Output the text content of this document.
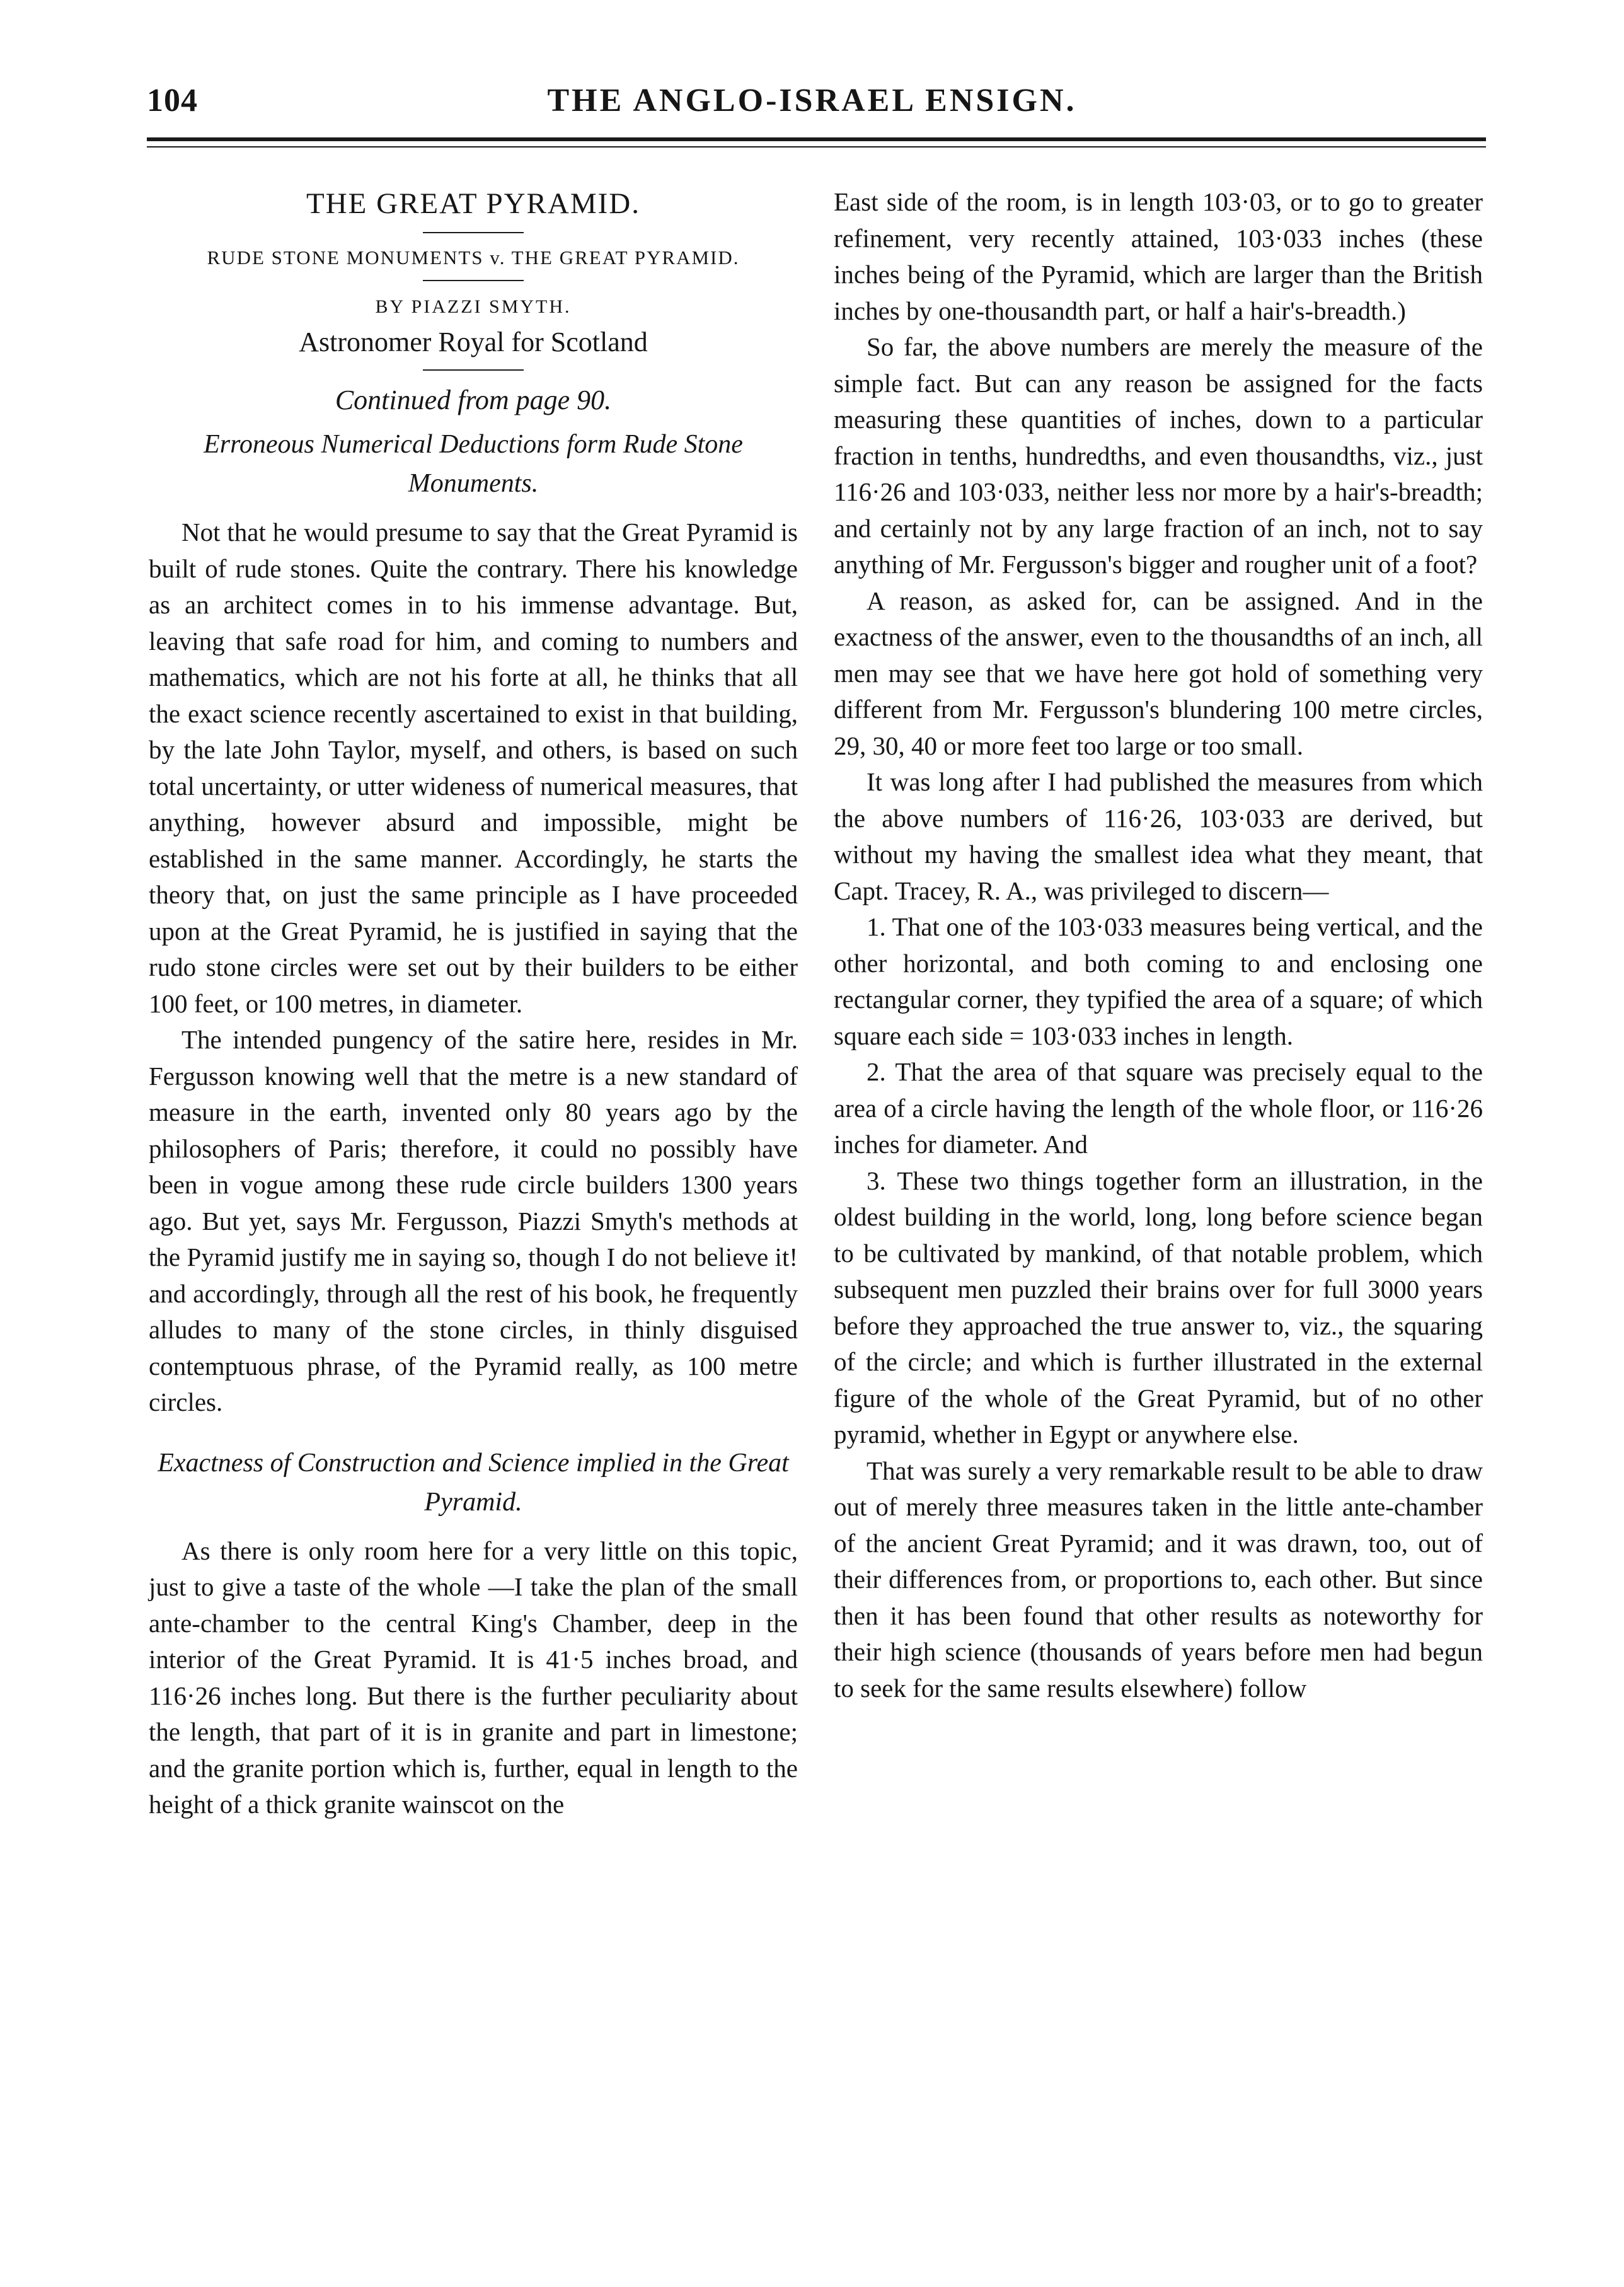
104	THE ANGLO-ISRAEL ENSIGN.
THE GREAT PYRAMID.
RUDE STONE MONUMENTS v. THE GREAT PYRAMID.
BY PIAZZI SMYTH.
Astronomer Royal for Scotland
Continued from page 90.
Erroneous Numerical Deductions form Rude Stone Monuments.

Not that he would presume to say that the Great Pyramid is built of rude stones. Quite the contrary. There his knowledge as an architect comes in to his immense advantage. But, leaving that safe road for him, and coming to numbers and mathematics, which are not his forte at all, he thinks that all the exact science recently ascertained to exist in that building, by the late John Taylor, myself, and others, is based on such total uncertainty, or utter wideness of numerical measures, that anything, however absurd and impossible, might be established in the same manner. Accordingly, he starts the theory that, on just the same principle as I have proceeded upon at the Great Pyramid, he is justified in saying that the rudo stone circles were set out by their builders to be either 100 feet, or 100 metres, in diameter.

The intended pungency of the satire here, resides in Mr. Fergusson knowing well that the metre is a new standard of measure in the earth, invented only 80 years ago by the philosophers of Paris; therefore, it could no possibly have been in vogue among these rude circle builders 1300 years ago. But yet, says Mr. Fergusson, Piazzi Smyth's methods at the Pyramid justify me in saying so, though I do not believe it! and accordingly, through all the rest of his book, he frequently alludes to many of the stone circles, in thinly disguised contemptuous phrase, of the Pyramid really, as 100 metre circles.

Exactness of Construction and Science implied in the Great Pyramid.

As there is only room here for a very little on this topic, just to give a taste of the whole —I take the plan of the small ante-chamber to the central King's Chamber, deep in the interior of the Great Pyramid. It is 41·5 inches broad, and 116·26 inches long. But there is the further peculiarity about the length, that part of it is in granite and part in limestone; and the granite portion which is, further, equal in length to the height of a thick granite wainscot on the

East side of the room, is in length 103·03, or to go to greater refinement, very recently attained, 103·033 inches (these inches being of the Pyramid, which are larger than the British inches by one-thousandth part, or half a hair's-breadth.)

So far, the above numbers are merely the measure of the simple fact. But can any reason be assigned for the facts measuring these quantities of inches, down to a particular fraction in tenths, hundredths, and even thousandths, viz., just 116·26 and 103·033, neither less nor more by a hair's-breadth; and certainly not by any large fraction of an inch, not to say anything of Mr. Fergusson's bigger and rougher unit of a foot?

A reason, as asked for, can be assigned. And in the exactness of the answer, even to the thousandths of an inch, all men may see that we have here got hold of something very different from Mr. Fergusson's blundering 100 metre circles, 29, 30, 40 or more feet too large or too small.

It was long after I had published the measures from which the above numbers of 116·26, 103·033 are derived, but without my having the smallest idea what they meant, that Capt. Tracey, R. A., was privileged to discern—

1. That one of the 103·033 measures being vertical, and the other horizontal, and both coming to and enclosing one rectangular corner, they typified the area of a square; of which square each side = 103·033 inches in length.

2. That the area of that square was precisely equal to the area of a circle having the length of the whole floor, or 116·26 inches for diameter. And

3. These two things together form an illustration, in the oldest building in the world, long, long before science began to be cultivated by mankind, of that notable problem, which subsequent men puzzled their brains over for full 3000 years before they approached the true answer to, viz., the squaring of the circle; and which is further illustrated in the external figure of the whole of the Great Pyramid, but of no other pyramid, whether in Egypt or anywhere else.

That was surely a very remarkable result to be able to draw out of merely three measures taken in the little ante-chamber of the ancient Great Pyramid; and it was drawn, too, out of their differences from, or proportions to, each other. But since then it has been found that other results as noteworthy for their high science (thousands of years before men had begun to seek for the same results elsewhere) follow
